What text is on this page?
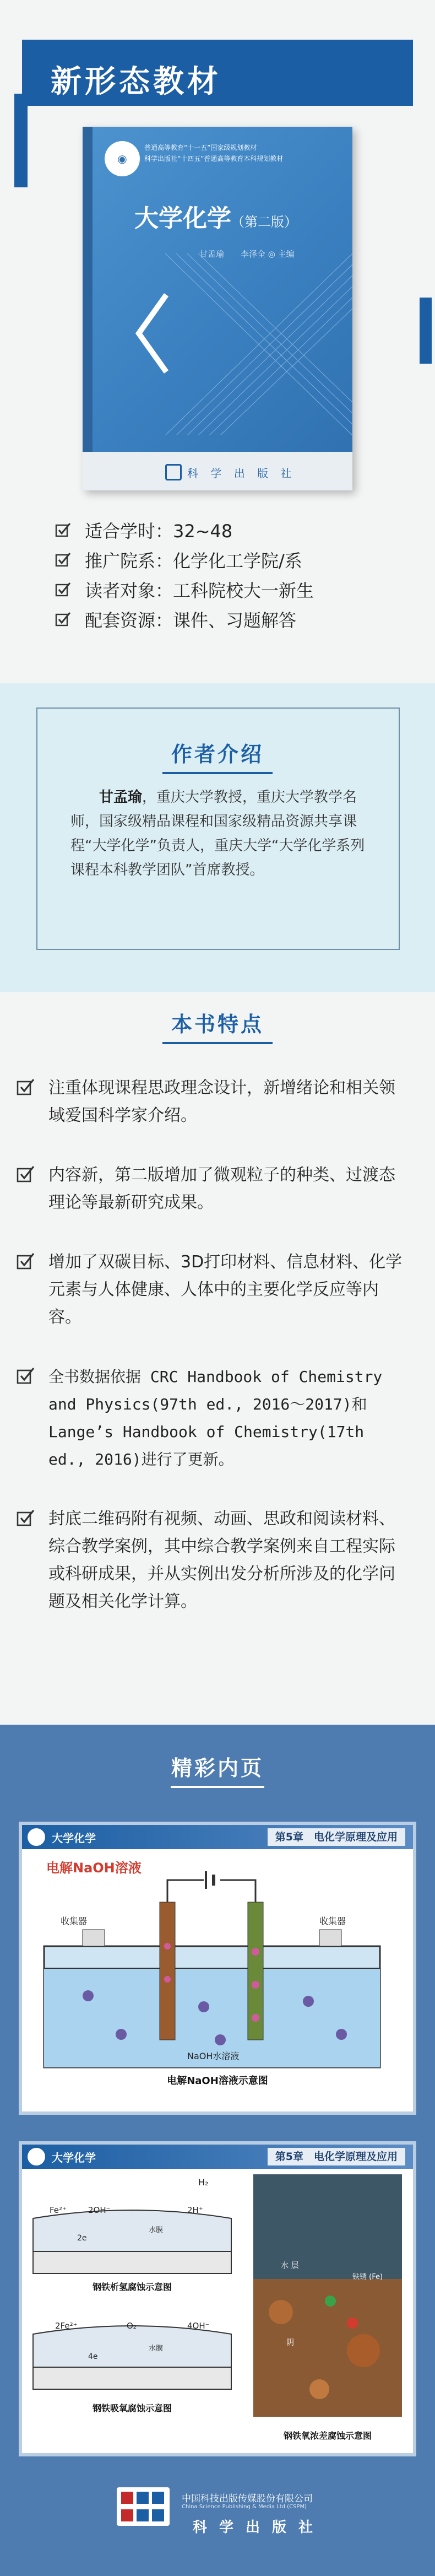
新形态教材
◉
普通高等教育“十一五”国家级规划教材
科学出版社“十四五”普通高等教育本科规划教材
大学化学（第二版）
甘孟瑜　　李泽全 ◎ 主编
科 学 出 版 社
适合学时：32~48
推广院系：化学化工学院/系
读者对象：工科院校大一新生
配套资源：课件、习题解答
作者介绍
甘孟瑜，重庆大学教授，重庆大学教学名师，国家级精品课程和国家级精品资源共享课程“大学化学”负责人，重庆大学“大学化学系列课程本科教学团队”首席教授。
本书特点

注重体现课程思政理念设计，新增绪论和相关领域爱国科学家介绍。

内容新，第二版增加了微观粒子的种类、过渡态理论等最新研究成果。

增加了双碳目标、3D打印材料、信息材料、化学元素与人体健康、人体中的主要化学反应等内容。

全书数据依据 CRC Handbook of Chemistry and Physics(97th ed., 2016～2017)和 Lange’s Handbook of Chemistry(17th ed., 2016)进行了更新。

封底二维码附有视频、动画、思政和阅读材料、综合教学案例，其中综合教学案例来自工程实际或科研成果，并从实例出发分析所涉及的化学问题及相关化学计算。

精彩内页
大学化学	第5章　电化学原理及应用
电解NaOH溶液
收集器	收集器
NaOH水溶液
电解NaOH溶液示意图
大学化学	第5章　电化学原理及应用
H₂
Fe²⁺	2OH⁻	2H⁺
2e
水膜
钢铁析氢腐蚀示意图
2Fe²⁺	O₂	4OH⁻
4e
水膜
钢铁吸氧腐蚀示意图
水 层
铁锈 (Fe)
阴
钢铁氧浓差腐蚀示意图
中国科技出版传媒股份有限公司
China Science Publishing & Media Ltd.(CSPM)
科学出版社
